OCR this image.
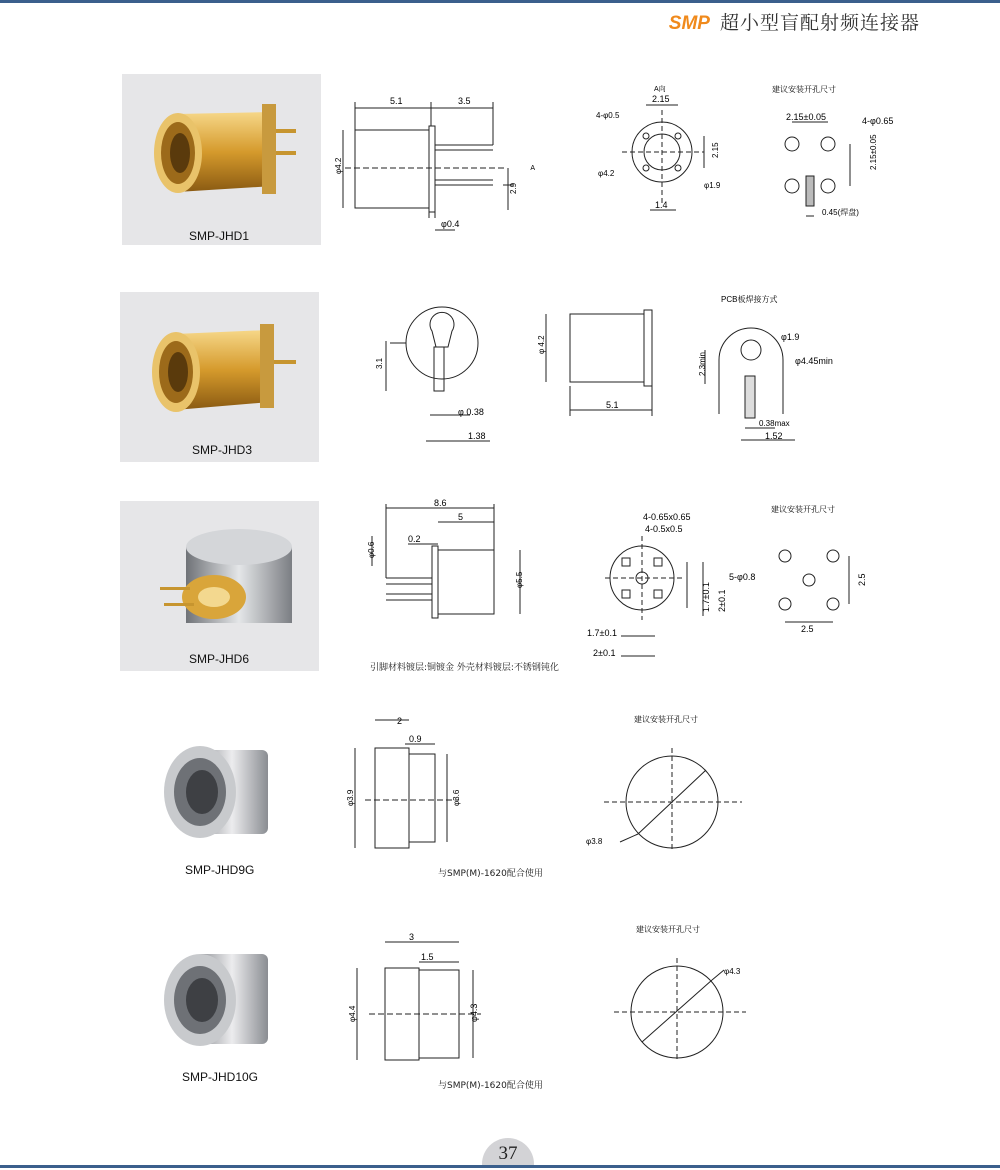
SMP 超小型盲配射频连接器
SMP-JHD1
5.1	3.5
φ4.2
2.9
φ0.4
A
A向
2.15
4-φ0.5
2.15
φ4.2
φ1.9
1.4
建议安装开孔尺寸
2.15±0.05	4-φ0.65
2.15±0.05
0.45(焊盘)
SMP-JHD3
3.1
φ 0.38
1.38
φ 4.2
5.1
PCB板焊接方式
φ1.9
φ4.45min
2.3min
0.38max
1.52
SMP-JHD6
8.6
5
0.2
φ0.6
φ5.5
引脚材料镀层:铜镀金 外壳材料镀层:不锈钢钝化
4-0.65x0.65
4-0.5x0.5
1.7±0.1
2±0.1
1.7±0.1 2±0.1
建议安装开孔尺寸
5-φ0.8
2.5
2.5
SMP-JHD9G
2
0.9
φ3.9	φ3.6
与SMP(M)-1620配合使用
建议安装开孔尺寸
φ3.8
SMP-JHD10G
3
1.5
φ4.4	φ4.3
与SMP(M)-1620配合使用
建议安装开孔尺寸
φ4.3
37
